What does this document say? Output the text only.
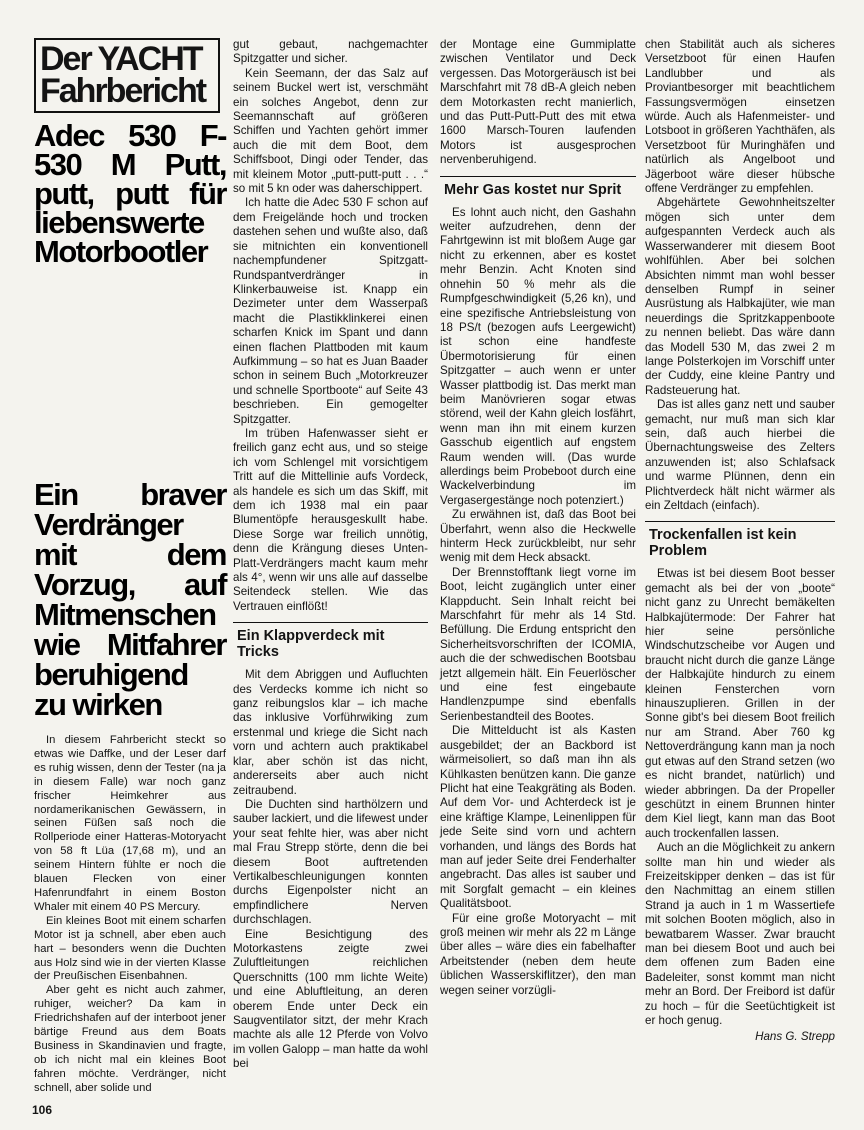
Der YACHT
Fahrbericht
Adec 530 F-530 M Putt, putt, putt für liebenswerte Motorbootler
Ein braver Verdränger mit dem Vorzug, auf Mitmenschen wie Mitfahrer beruhigend zu wirken

In diesem Fahrbericht steckt so etwas wie Daffke, und der Leser darf es ruhig wissen, denn der Tester (na ja in diesem Falle) war noch ganz frischer Heimkehrer aus nordamerikanischen Gewässern, in seinen Füßen saß noch die Rollperiode einer Hatteras-Motoryacht von 58 ft Lüa (17,68 m), und an seinem Hintern fühlte er noch die blauen Flecken von einer Hafenrundfahrt in einem Boston Whaler mit einem 40 PS Mercury.

Ein kleines Boot mit einem scharfen Motor ist ja schnell, aber eben auch hart – besonders wenn die Duchten aus Holz sind wie in der vierten Klasse der Preußischen Eisenbahnen.

Aber geht es nicht auch zahmer, ruhiger, weicher? Da kam in Friedrichshafen auf der interboot jener bärtige Freund aus dem Boats Business in Skandinavien und fragte, ob ich nicht mal ein kleines Boot fahren möchte. Verdränger, nicht schnell, aber solide und

gut gebaut, nachgemachter Spitzgatter und sicher.

Kein Seemann, der das Salz auf seinem Buckel wert ist, verschmäht ein solches Angebot, denn zur Seemannschaft auf größeren Schiffen und Yachten gehört immer auch die mit dem Boot, dem Schiffsboot, Dingi oder Tender, das mit kleinem Motor „putt-putt-putt . . .“ so mit 5 kn oder was daherschippert.

Ich hatte die Adec 530 F schon auf dem Freigelände hoch und trocken dastehen sehen und wußte also, daß sie mitnichten ein konventionell nachempfundener Spitzgatt-Rundspantverdränger in Klinkerbauweise ist. Knapp ein Dezimeter unter dem Wasserpaß macht die Plastikklinkerei einen scharfen Knick im Spant und dann einen flachen Plattboden mit kaum Aufkimmung – so hat es Juan Baader schon in seinem Buch „Motorkreuzer und schnelle Sportboote“ auf Seite 43 beschrieben. Ein gemogelter Spitzgatter.

Im trüben Hafenwasser sieht er freilich ganz echt aus, und so steige ich vom Schlengel mit vorsichtigem Tritt auf die Mittellinie aufs Vordeck, als handele es sich um das Skiff, mit dem ich 1938 mal ein paar Blumentöpfe herausgeskullt habe. Diese Sorge war freilich unnötig, denn die Krängung dieses Unten-Platt-Verdrängers macht kaum mehr als 4°, wenn wir uns alle auf dasselbe Seitendeck stellen. Wie das Vertrauen einflößt!

Ein Klappverdeck mit Tricks

Mit dem Abriggen und Aufluchten des Verdecks komme ich nicht so ganz reibungslos klar – ich mache das inklusive Vorführwiking zum erstenmal und kriege die Sicht nach vorn und achtern auch praktikabel klar, aber schön ist das nicht, andererseits aber auch nicht zeitraubend.

Die Duchten sind harthölzern und sauber lackiert, und die lifewest under your seat fehlte hier, was aber nicht mal Frau Strepp störte, denn die bei diesem Boot auftretenden Vertikalbeschleunigungen konnten durchs Eigenpolster nicht an empfindlichere Nerven durchschlagen.

Eine Besichtigung des Motorkastens zeigte zwei Zuluftleitungen reichlichen Querschnitts (100 mm lichte Weite) und eine Abluftleitung, an deren oberem Ende unter Deck ein Saugventilator sitzt, der mehr Krach machte als alle 12 Pferde von Volvo im vollen Galopp – man hatte da wohl bei

der Montage eine Gummiplatte zwischen Ventilator und Deck vergessen. Das Motorgeräusch ist bei Marschfahrt mit 78 dB-A gleich neben dem Motorkasten recht manierlich, und das Putt-Putt-Putt des mit etwa 1600 Marsch-Touren laufenden Motors ist ausgesprochen nervenberuhigend.

Mehr Gas kostet nur Sprit

Es lohnt auch nicht, den Gashahn weiter aufzudrehen, denn der Fahrtgewinn ist mit bloßem Auge gar nicht zu erkennen, aber es kostet mehr Benzin. Acht Knoten sind ohnehin 50 % mehr als die Rumpfgeschwindigkeit (5,26 kn), und eine spezifische Antriebsleistung von 18 PS/t (bezogen aufs Leergewicht) ist schon eine handfeste Übermotorisierung für einen Spitzgatter – auch wenn er unter Wasser plattbodig ist. Das merkt man beim Manövrieren sogar etwas störend, weil der Kahn gleich losfährt, wenn man ihn mit einem kurzen Gasschub eigentlich auf engstem Raum wenden will. (Das wurde allerdings beim Probeboot durch eine Wackelverbindung im Vergasergestänge noch potenziert.)

Zu erwähnen ist, daß das Boot bei Überfahrt, wenn also die Heckwelle hinterm Heck zurückbleibt, nur sehr wenig mit dem Heck absackt.

Der Brennstofftank liegt vorne im Boot, leicht zugänglich unter einer Klappducht. Sein Inhalt reicht bei Marschfahrt für mehr als 14 Std. Befüllung. Die Erdung entspricht den Sicherheitsvorschriften der ICOMIA, auch die der schwedischen Bootsbau jetzt allgemein hält. Ein Feuerlöscher und eine fest eingebaute Handlenzpumpe sind ebenfalls Serienbestandteil des Bootes.

Die Mittelducht ist als Kasten ausgebildet; der an Backbord ist wärmeisoliert, so daß man ihn als Kühlkasten benützen kann. Die ganze Plicht hat eine Teakgräting als Boden. Auf dem Vor- und Achterdeck ist je eine kräftige Klampe, Leinenlippen für jede Seite sind vorn und achtern vorhanden, und längs des Bords hat man auf jeder Seite drei Fenderhalter angebracht. Das alles ist sauber und mit Sorgfalt gemacht – ein kleines Qualitätsboot.

Für eine große Motoryacht – mit groß meinen wir mehr als 22 m Länge über alles – wäre dies ein fabelhafter Arbeitstender (neben dem heute üblichen Wasserskiflitzer), den man wegen seiner vorzügli-

chen Stabilität auch als sicheres Versetzboot für einen Haufen Landlubber und als Proviantbesorger mit beachtlichem Fassungsvermögen einsetzen würde. Auch als Hafenmeister- und Lotsboot in größeren Yachthäfen, als Versetzboot für Muringhäfen und natürlich als Angelboot und Jägerboot wäre dieser hübsche offene Verdränger zu empfehlen.

Abgehärtete Gewohnheitszelter mögen sich unter dem aufgespannten Verdeck auch als Wasserwanderer mit diesem Boot wohlfühlen. Aber bei solchen Absichten nimmt man wohl besser denselben Rumpf in seiner Ausrüstung als Halbkajüter, wie man neuerdings die Spritzkappenboote zu nennen beliebt. Das wäre dann das Modell 530 M, das zwei 2 m lange Polsterkojen im Vorschiff unter der Cuddy, eine kleine Pantry und Radsteuerung hat.

Das ist alles ganz nett und sauber gemacht, nur muß man sich klar sein, daß auch hierbei die Übernachtungsweise des Zelters anzuwenden ist; also Schlafsack und warme Plünnen, denn ein Plichtverdeck hält nicht wärmer als ein Zeltdach (einfach).

Trockenfallen ist kein Problem

Etwas ist bei diesem Boot besser gemacht als bei der von „boote“ nicht ganz zu Unrecht bemäkelten Halbkajütermode: Der Fahrer hat hier seine persönliche Windschutzscheibe vor Augen und braucht nicht durch die ganze Länge der Halbkajüte hindurch zu einem kleinen Fensterchen vorn hinauszuplieren. Grillen in der Sonne gibt's bei diesem Boot freilich nur am Strand. Aber 760 kg Nettoverdrängung kann man ja noch gut etwas auf den Strand setzen (wo es nicht brandet, natürlich) und wieder abbringen. Da der Propeller geschützt in einem Brunnen hinter dem Kiel liegt, kann man das Boot auch trockenfallen lassen.

Auch an die Möglichkeit zu ankern sollte man hin und wieder als Freizeitskipper denken – das ist für den Nachmittag an einem stillen Strand ja auch in 1 m Wassertiefe mit solchen Booten möglich, also in bewatbarem Wasser. Zwar braucht man bei diesem Boot und auch bei dem offenen zum Baden eine Badeleiter, sonst kommt man nicht mehr an Bord. Der Freibord ist dafür zu hoch – für die Seetüchtigkeit ist er hoch genug.

Hans G. Strepp
106
